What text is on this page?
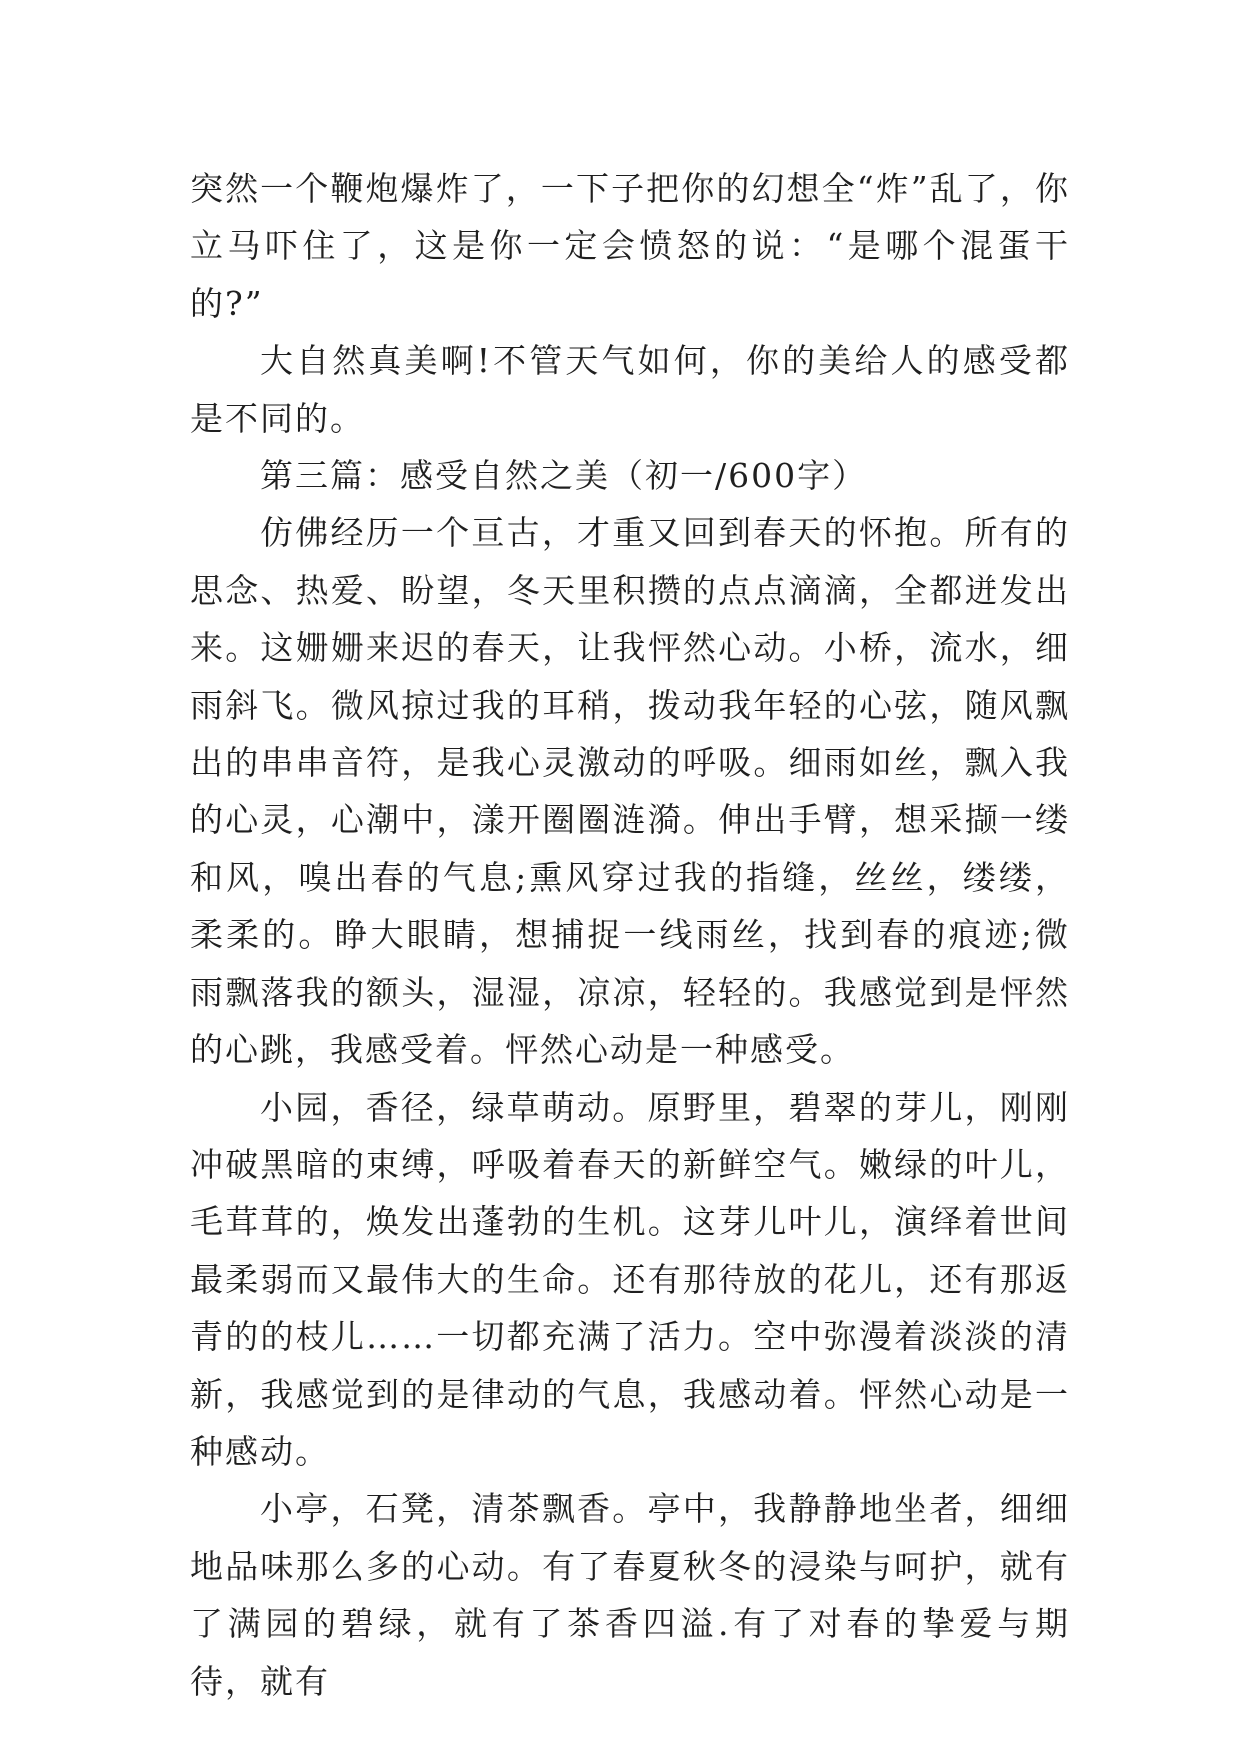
突然一个鞭炮爆炸了，一下子把你的幻想全“炸”乱了，你立马吓住了，这是你一定会愤怒的说：“是哪个混蛋干的?”

大自然真美啊!不管天气如何，你的美给人的感受都是不同的。

第三篇：感受自然之美（初一/600字）

仿佛经历一个亘古，才重又回到春天的怀抱。所有的思念、热爱、盼望，冬天里积攒的点点滴滴，全都迸发出来。这姗姗来迟的春天，让我怦然心动。小桥，流水，细雨斜飞。微风掠过我的耳稍，拨动我年轻的心弦，随风飘出的串串音符，是我心灵激动的呼吸。细雨如丝，飘入我的心灵，心潮中，漾开圈圈涟漪。伸出手臂，想采撷一缕和风，嗅出春的气息;熏风穿过我的指缝，丝丝，缕缕，柔柔的。睁大眼睛，想捕捉一线雨丝，找到春的痕迹;微雨飘落我的额头，湿湿，凉凉，轻轻的。我感觉到是怦然的心跳，我感受着。怦然心动是一种感受。

小园，香径，绿草萌动。原野里，碧翠的芽儿，刚刚冲破黑暗的束缚，呼吸着春天的新鲜空气。嫩绿的叶儿，毛茸茸的，焕发出蓬勃的生机。这芽儿叶儿，演绎着世间最柔弱而又最伟大的生命。还有那待放的花儿，还有那返青的的枝儿……一切都充满了活力。空中弥漫着淡淡的清新，我感觉到的是律动的气息，我感动着。怦然心动是一种感动。

小亭，石凳，清茶飘香。亭中，我静静地坐者，细细地品味那么多的心动。有了春夏秋冬的浸染与呵护，就有了满园的碧绿，就有了茶香四溢.有了对春的挚爱与期待，就有
